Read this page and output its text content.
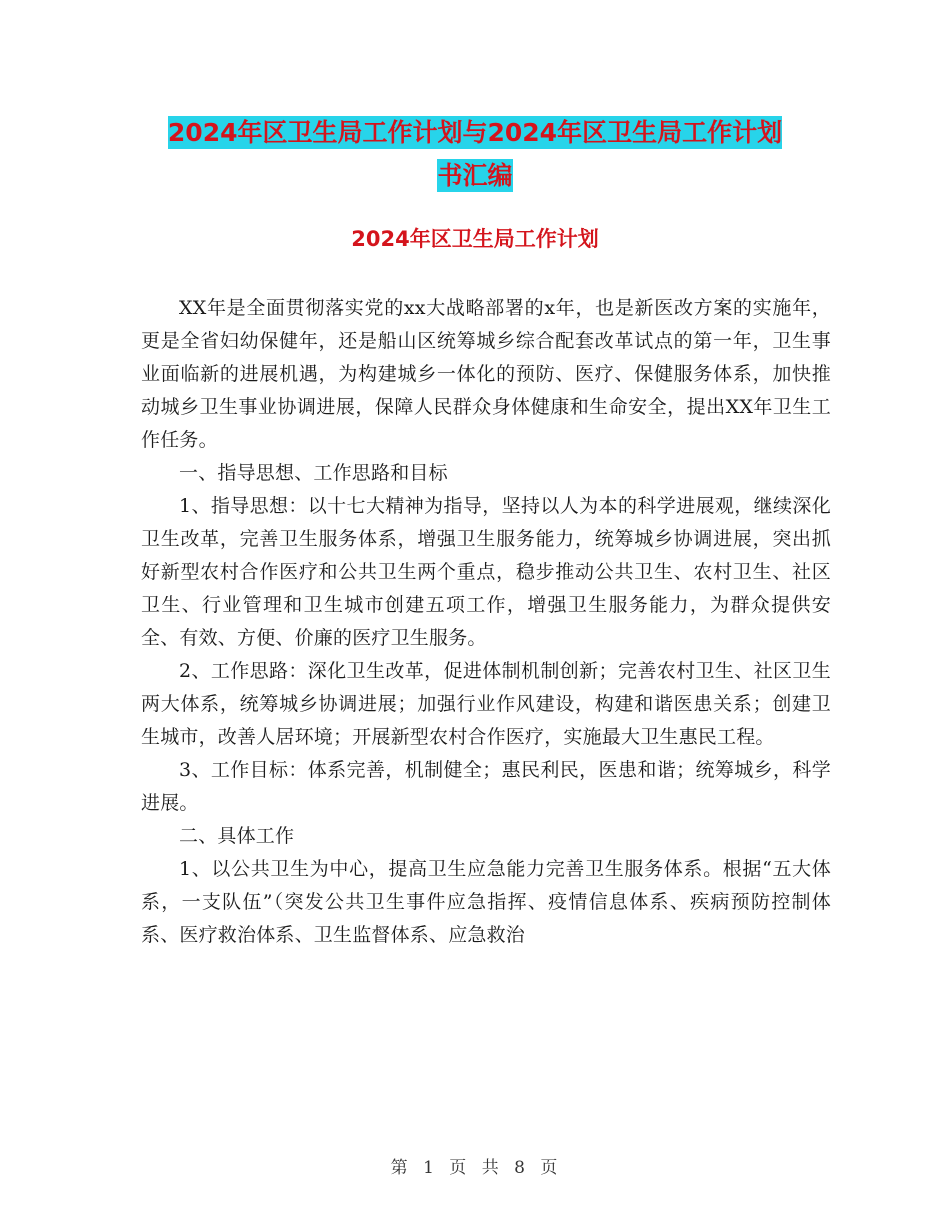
2024年区卫生局工作计划与2024年区卫生局工作计划
书汇编
2024年区卫生局工作计划

XX年是全面贯彻落实党的xx大战略部署的x年，也是新医改方案的实施年，更是全省妇幼保健年，还是船山区统筹城乡综合配套改革试点的第一年，卫生事业面临新的进展机遇，为构建城乡一体化的预防、医疗、保健服务体系，加快推动城乡卫生事业协调进展，保障人民群众身体健康和生命安全，提出XX年卫生工作任务。

一、指导思想、工作思路和目标

1、指导思想：以十七大精神为指导，坚持以人为本的科学进展观，继续深化卫生改革，完善卫生服务体系，增强卫生服务能力，统筹城乡协调进展，突出抓好新型农村合作医疗和公共卫生两个重点，稳步推动公共卫生、农村卫生、社区卫生、行业管理和卫生城市创建五项工作，增强卫生服务能力，为群众提供安全、有效、方便、价廉的医疗卫生服务。

2、工作思路：深化卫生改革，促进体制机制创新；完善农村卫生、社区卫生两大体系，统筹城乡协调进展；加强行业作风建设，构建和谐医患关系；创建卫生城市，改善人居环境；开展新型农村合作医疗，实施最大卫生惠民工程。

3、工作目标：体系完善，机制健全；惠民利民，医患和谐；统筹城乡，科学进展。

二、具体工作

1、以公共卫生为中心，提高卫生应急能力完善卫生服务体系。根据“五大体系，一支队伍”（突发公共卫生事件应急指挥、疫情信息体系、疾病预防控制体系、医疗救治体系、卫生监督体系、应急救治

第 1 页 共 8 页
